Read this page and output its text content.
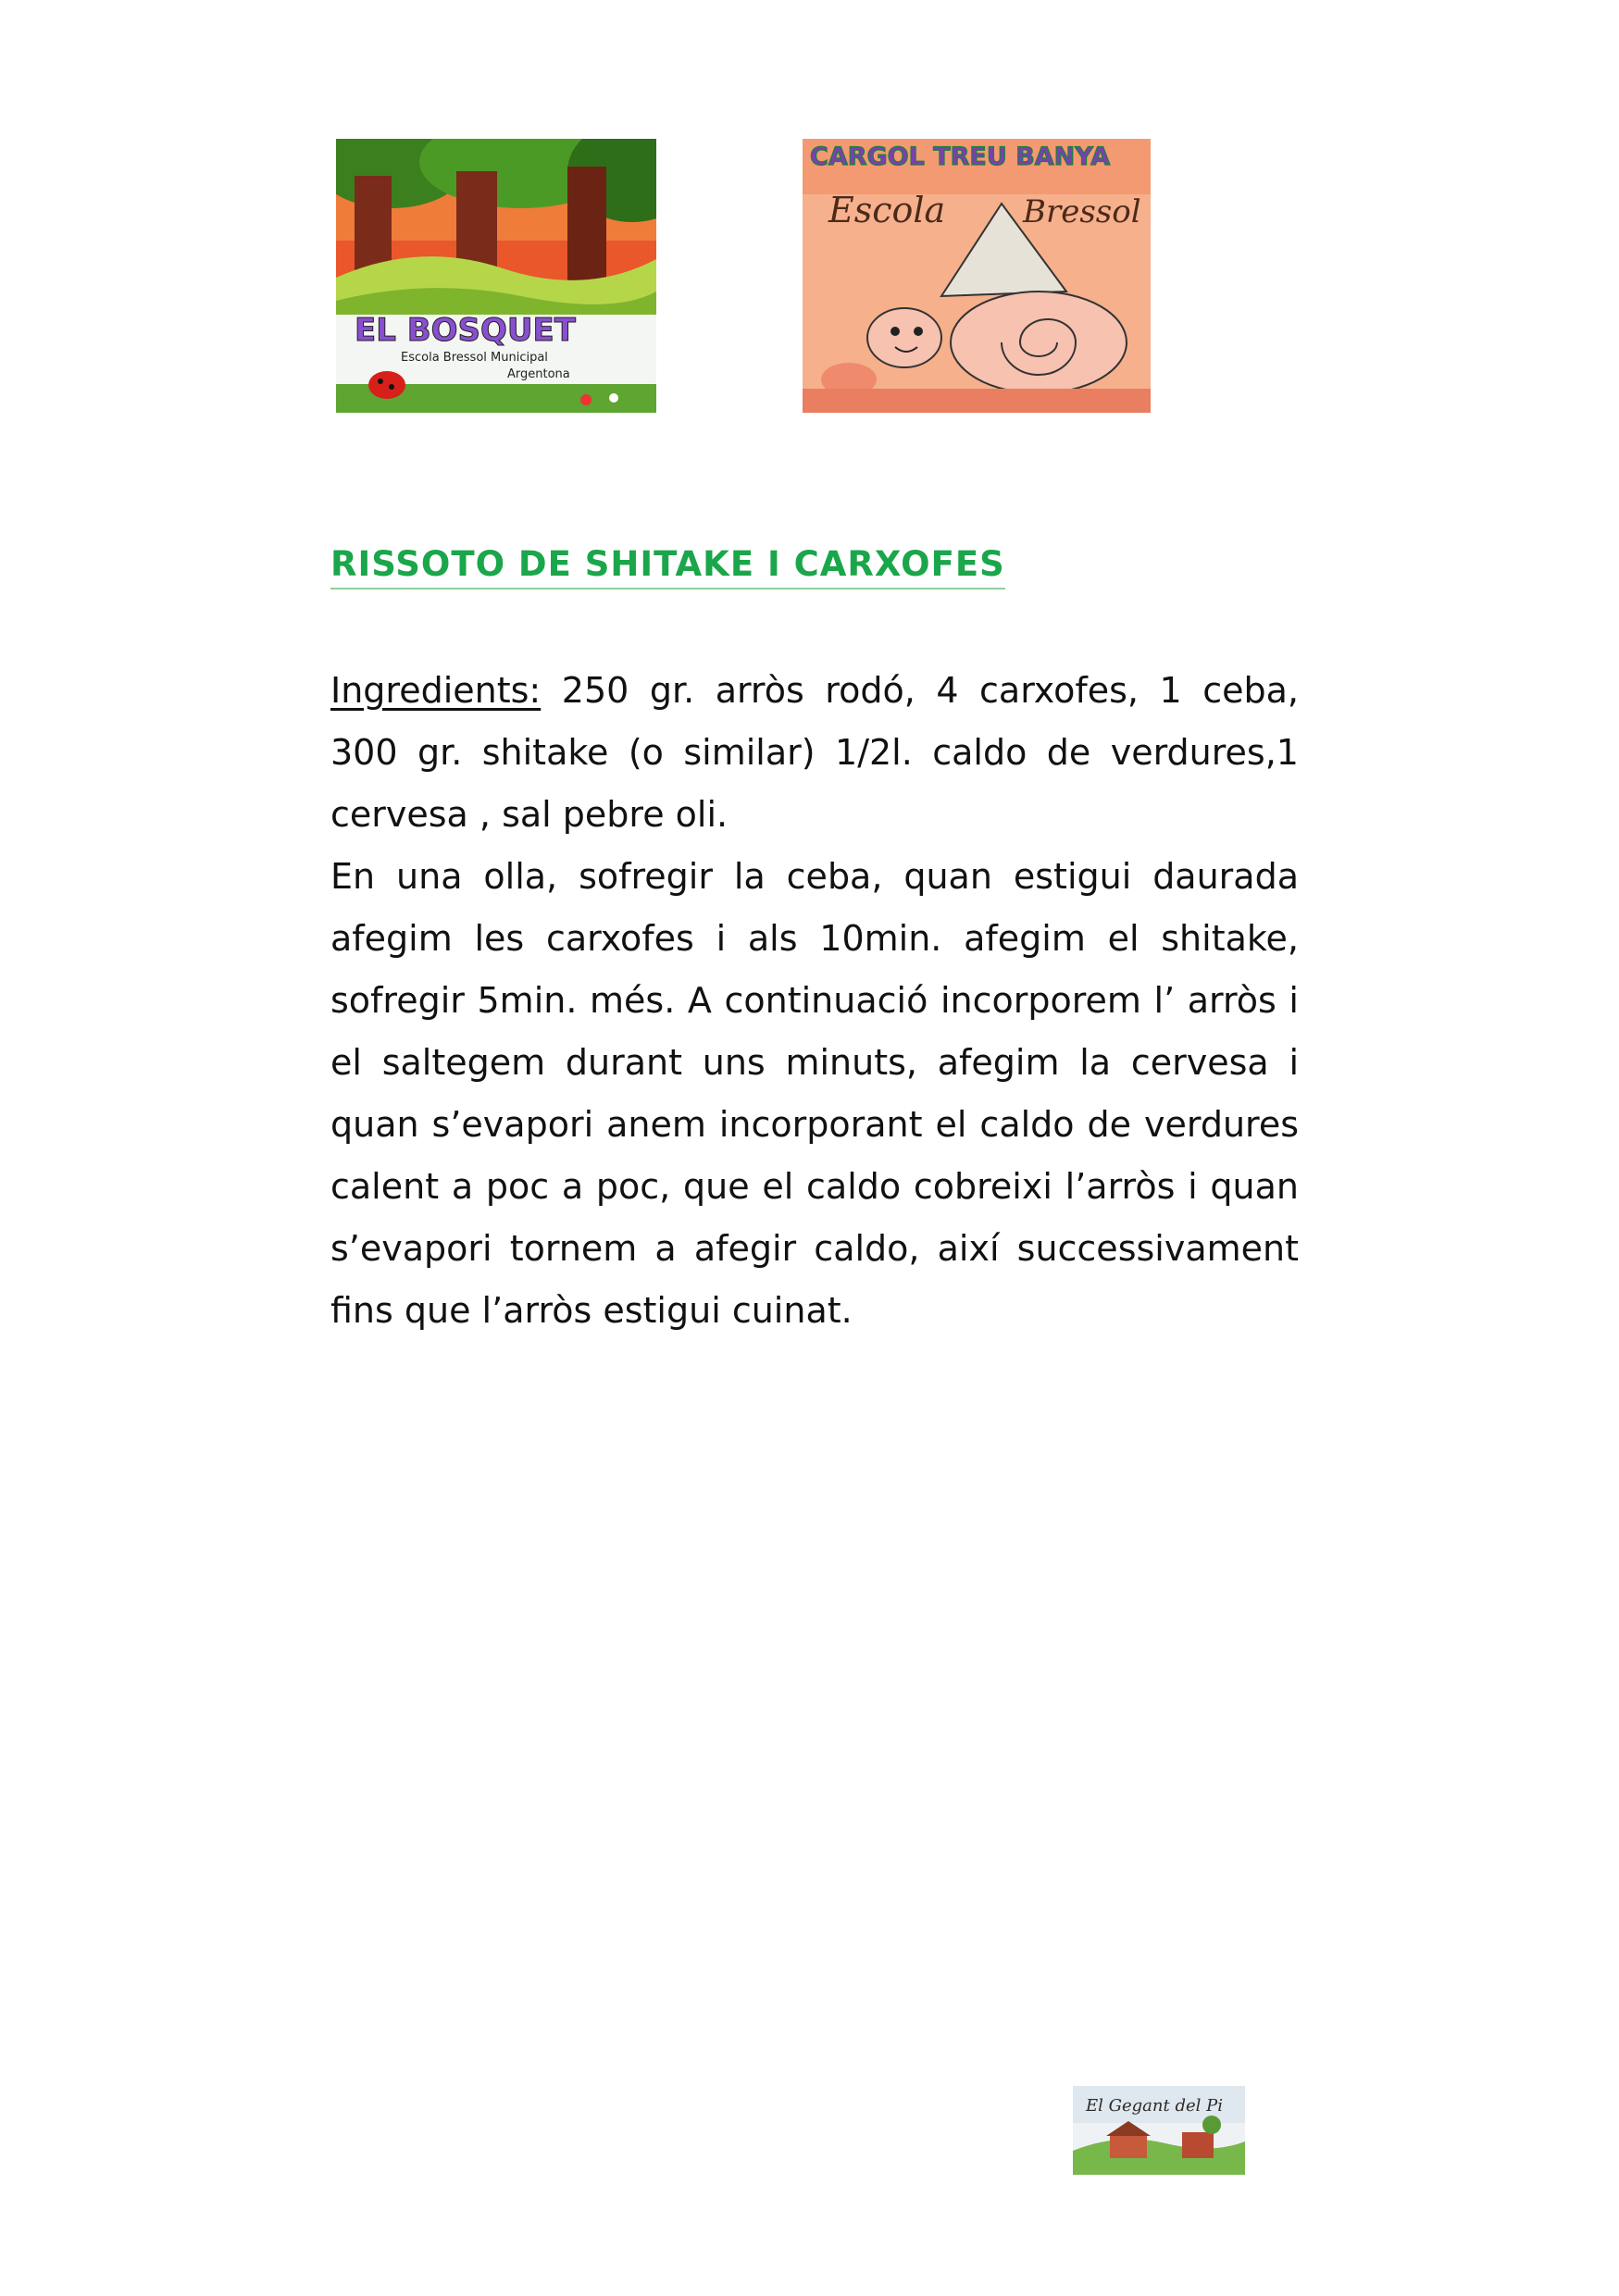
EL BOSQUET
Escola Bressol Municipal
Argentona
CARGOL TREU BANYA
Escola Bressol
RISSOTO DE SHITAKE I CARXOFES

Ingredients: 250 gr. arròs rodó, 4 carxofes, 1 ceba, 300 gr. shitake (o similar) 1/2l. caldo de verdures,1 cervesa , sal pebre oli.

En una olla, sofregir la ceba, quan estigui daurada afegim les carxofes i als 10min. afegim el shitake, sofregir 5min. més. A continuació incorporem l’ arròs i el saltegem durant uns minuts, afegim la cervesa i quan s’evapori anem incorporant el caldo de verdures calent a poc a poc, que el caldo cobreixi l’arròs i quan s’evapori tornem a afegir caldo, així successivament fins que l’arròs estigui cuinat.

El Gegant del Pi
